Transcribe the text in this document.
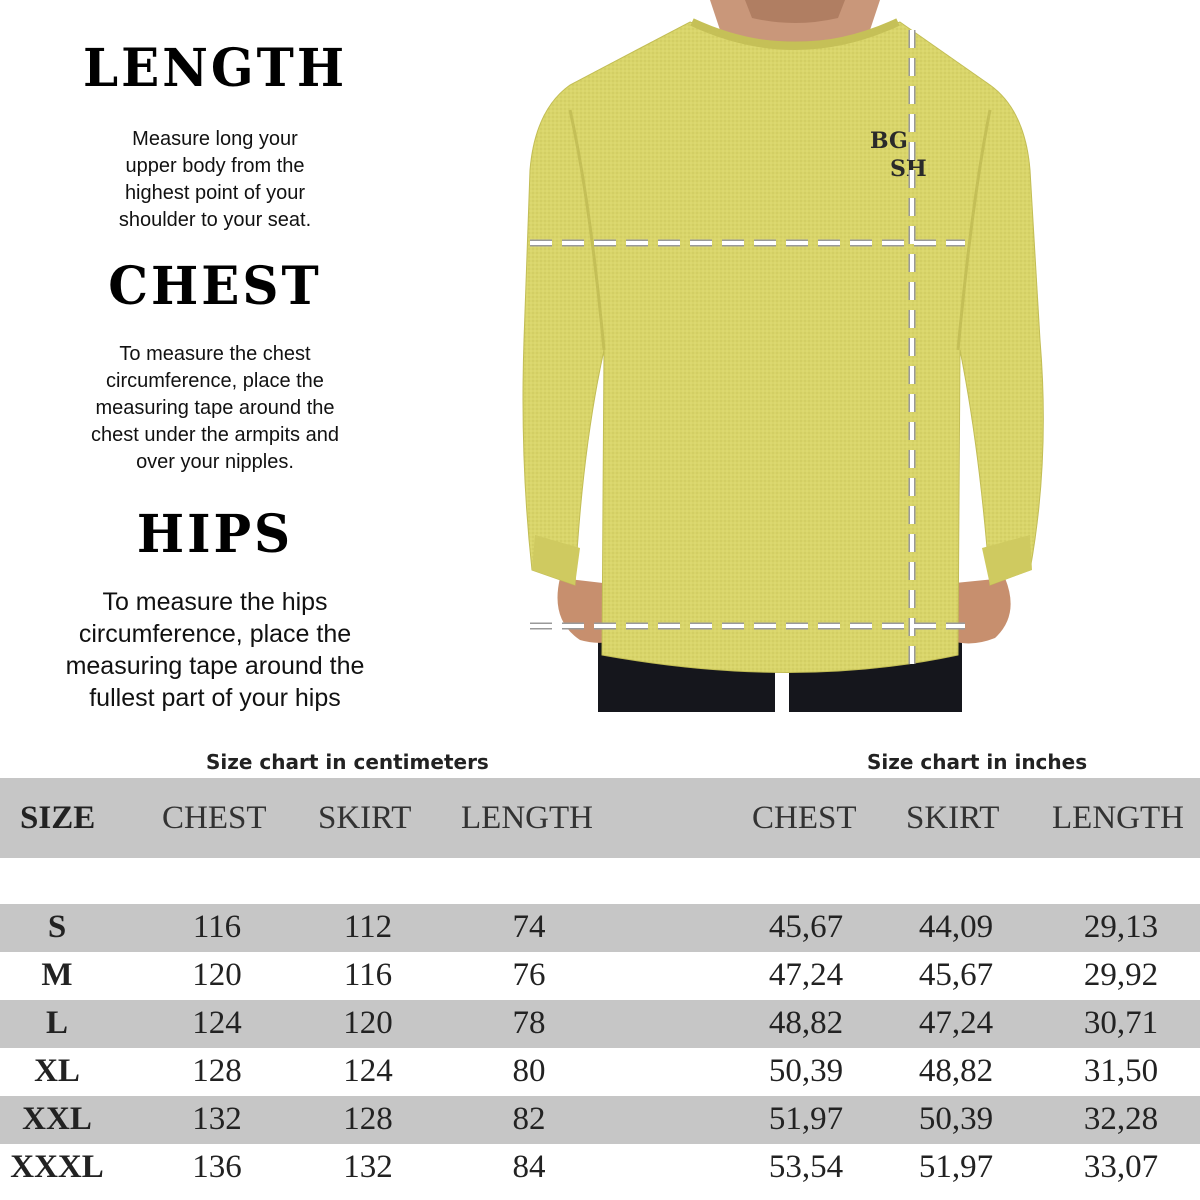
LENGTH
Measure long your
upper body from the
highest point of your
shoulder to your seat.
CHEST
To measure the chest
circumference, place the
measuring tape around the
chest under the armpits and
over your nipples.
HIPS
To measure the hips
circumference, place the
measuring tape around the
fullest part of your hips
BG
SH
Size chart in centimeters	Size chart in inches
SIZE CHEST SKIRT LENGTH	CHEST SKIRT LENGTH
S	116	112	74	45,67	44,09	29,13
M	120	116	76	47,24	45,67	29,92
L	124	120	78	48,82	47,24	30,71
XL	128	124	80	50,39	48,82	31,50
XXL	132	128	82	51,97	50,39	32,28
XXXL	136	132	84	53,54	51,97	33,07
